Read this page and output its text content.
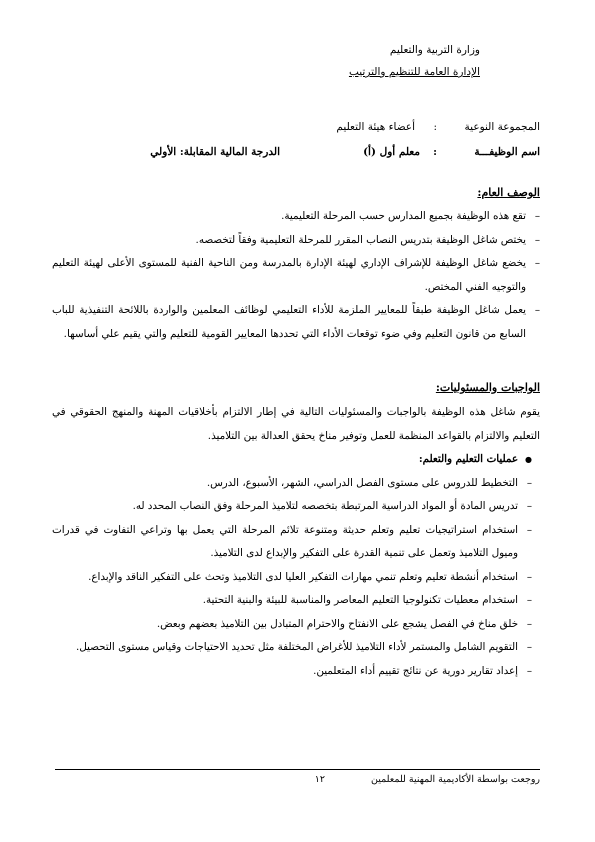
وزارة التربية والتعليم
الإدارة العامة للتنظيم والترتيب
المجموعة النوعية
:
أعضاء هيئة التعليم
اسم الوظيفـــة
:
معلم أول (أ)
الدرجة المالية المقابلة: الأولي
الوصف العام:
– تقع هذه الوظيفة بجميع المدارس حسب المرحلة التعليمية.
– يختص شاغل الوظيفة بتدريس النصاب المقرر للمرحلة التعليمية وفقاً لتخصصه.
– يخضع شاغل الوظيفة للإشراف الإداري لهيئة الإدارة بالمدرسة ومن الناحية الفنية للمستوى الأعلى لهيئة التعليم والتوجيه الفني المختص.
– يعمل شاغل الوظيفة طبقاً للمعايير الملزمة للأداء التعليمي لوظائف المعلمين والواردة باللائحة التنفيذية للباب السابع من قانون التعليم وفي ضوء توقعات الأداء التي تحددها المعايير القومية للتعليم والتي يقيم علي أساسها.
الواجبات والمسئوليات:
يقوم شاغل هذه الوظيفة بالواجبات والمسئوليات التالية في إطار الالتزام بأخلاقيات المهنة والمنهج الحقوقي في التعليم والالتزام بالقواعد المنظمة للعمل وتوفير مناخ يحقق العدالة بين التلاميذ.
● عمليات التعليم والتعلم:
– التخطيط للدروس على مستوى الفصل الدراسي، الشهر، الأسبوع، الدرس.
– تدريس المادة أو المواد الدراسية المرتبطة بتخصصه لتلاميذ المرحلة وفق النصاب المحدد له.
– استخدام استراتيجيات تعليم وتعلم حديثة ومتنوعة تلائم المرحلة التي يعمل بها وتراعي التفاوت في قدرات وميول التلاميذ وتعمل على تنمية القدرة على التفكير والإبداع لدى التلاميذ.
– استخدام أنشطة تعليم وتعلم تنمي مهارات التفكير العليا لدى التلاميذ وتحث على التفكير الناقد والإبداع.
– استخدام معطيات تكنولوجيا التعليم المعاصر والمناسبة للبيئة والبنية التحتية.
– خلق مناخ في الفصل يشجع على الانفتاح والاحترام المتبادل بين التلاميذ بعضهم وبعض.
– التقويم الشامل والمستمر لأداء التلاميذ للأغراض المختلفة مثل تحديد الاحتياجات وقياس مستوى التحصيل.
– إعداد تقارير دورية عن نتائج تقييم أداء المتعلمين.
روجعت بواسطة الأكاديمية المهنية للمعلمين
١٢
